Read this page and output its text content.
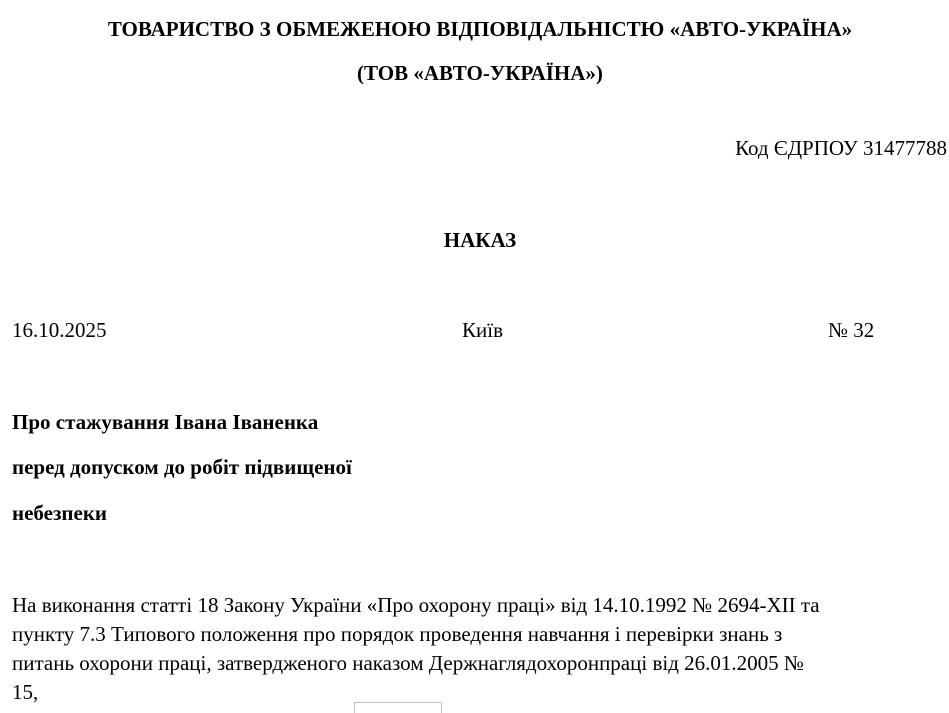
ТОВАРИСТВО З ОБМЕЖЕНОЮ ВІДПОВІДАЛЬНІСТЮ «АВТО-УКРАЇНА»
(ТОВ «АВТО-УКРАЇНА»)
Код ЄДРПОУ 31477788
НАКАЗ
16.10.2025	Київ	№ 32
Про стажування Івана Іваненка
перед допуском до робіт підвищеної
небезпеки
На виконання статті 18 Закону України «Про охорону праці» від 14.10.1992 № 2694-XII та
пункту 7.3 Типового положення про порядок проведення навчання і перевірки знань з
питань охорони праці, затвердженого наказом Держнаглядохоронпраці від 26.01.2005 №
15,
